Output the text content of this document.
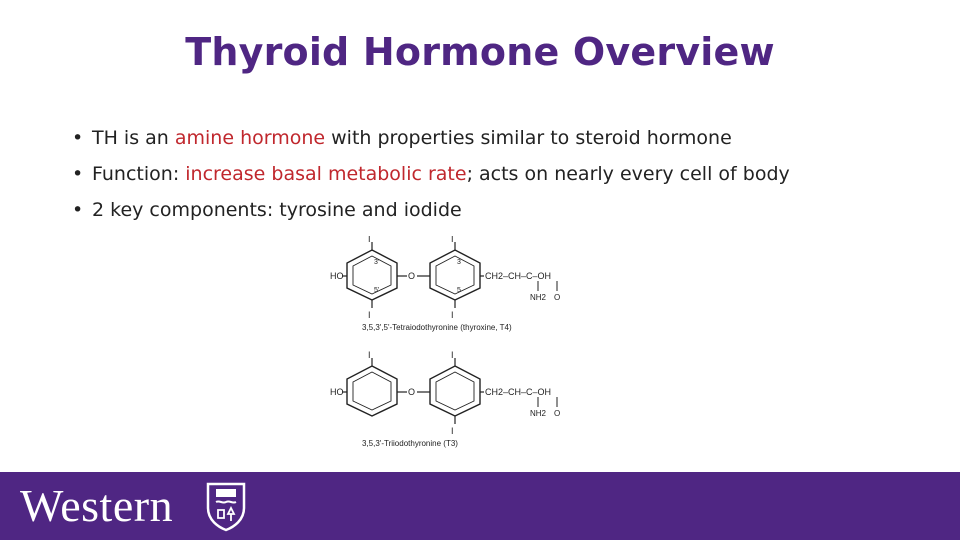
Thyroid Hormone Overview
• TH is an amine hormone with properties similar to steroid hormone
• Function: increase basal metabolic rate; acts on nearly every cell of body
• 2 key components: tyrosine and iodide
I	I
I	I
3'
5'
3
5
HO	O	CH2–CH–C–OH
NH2 O
3,5,3',5'-Tetraiodothyronine (thyroxine, T4)
I	I
I
HO	O	CH2–CH–C–OH
NH2 O
3,5,3'-Triiodothyronine (T3)
Western
